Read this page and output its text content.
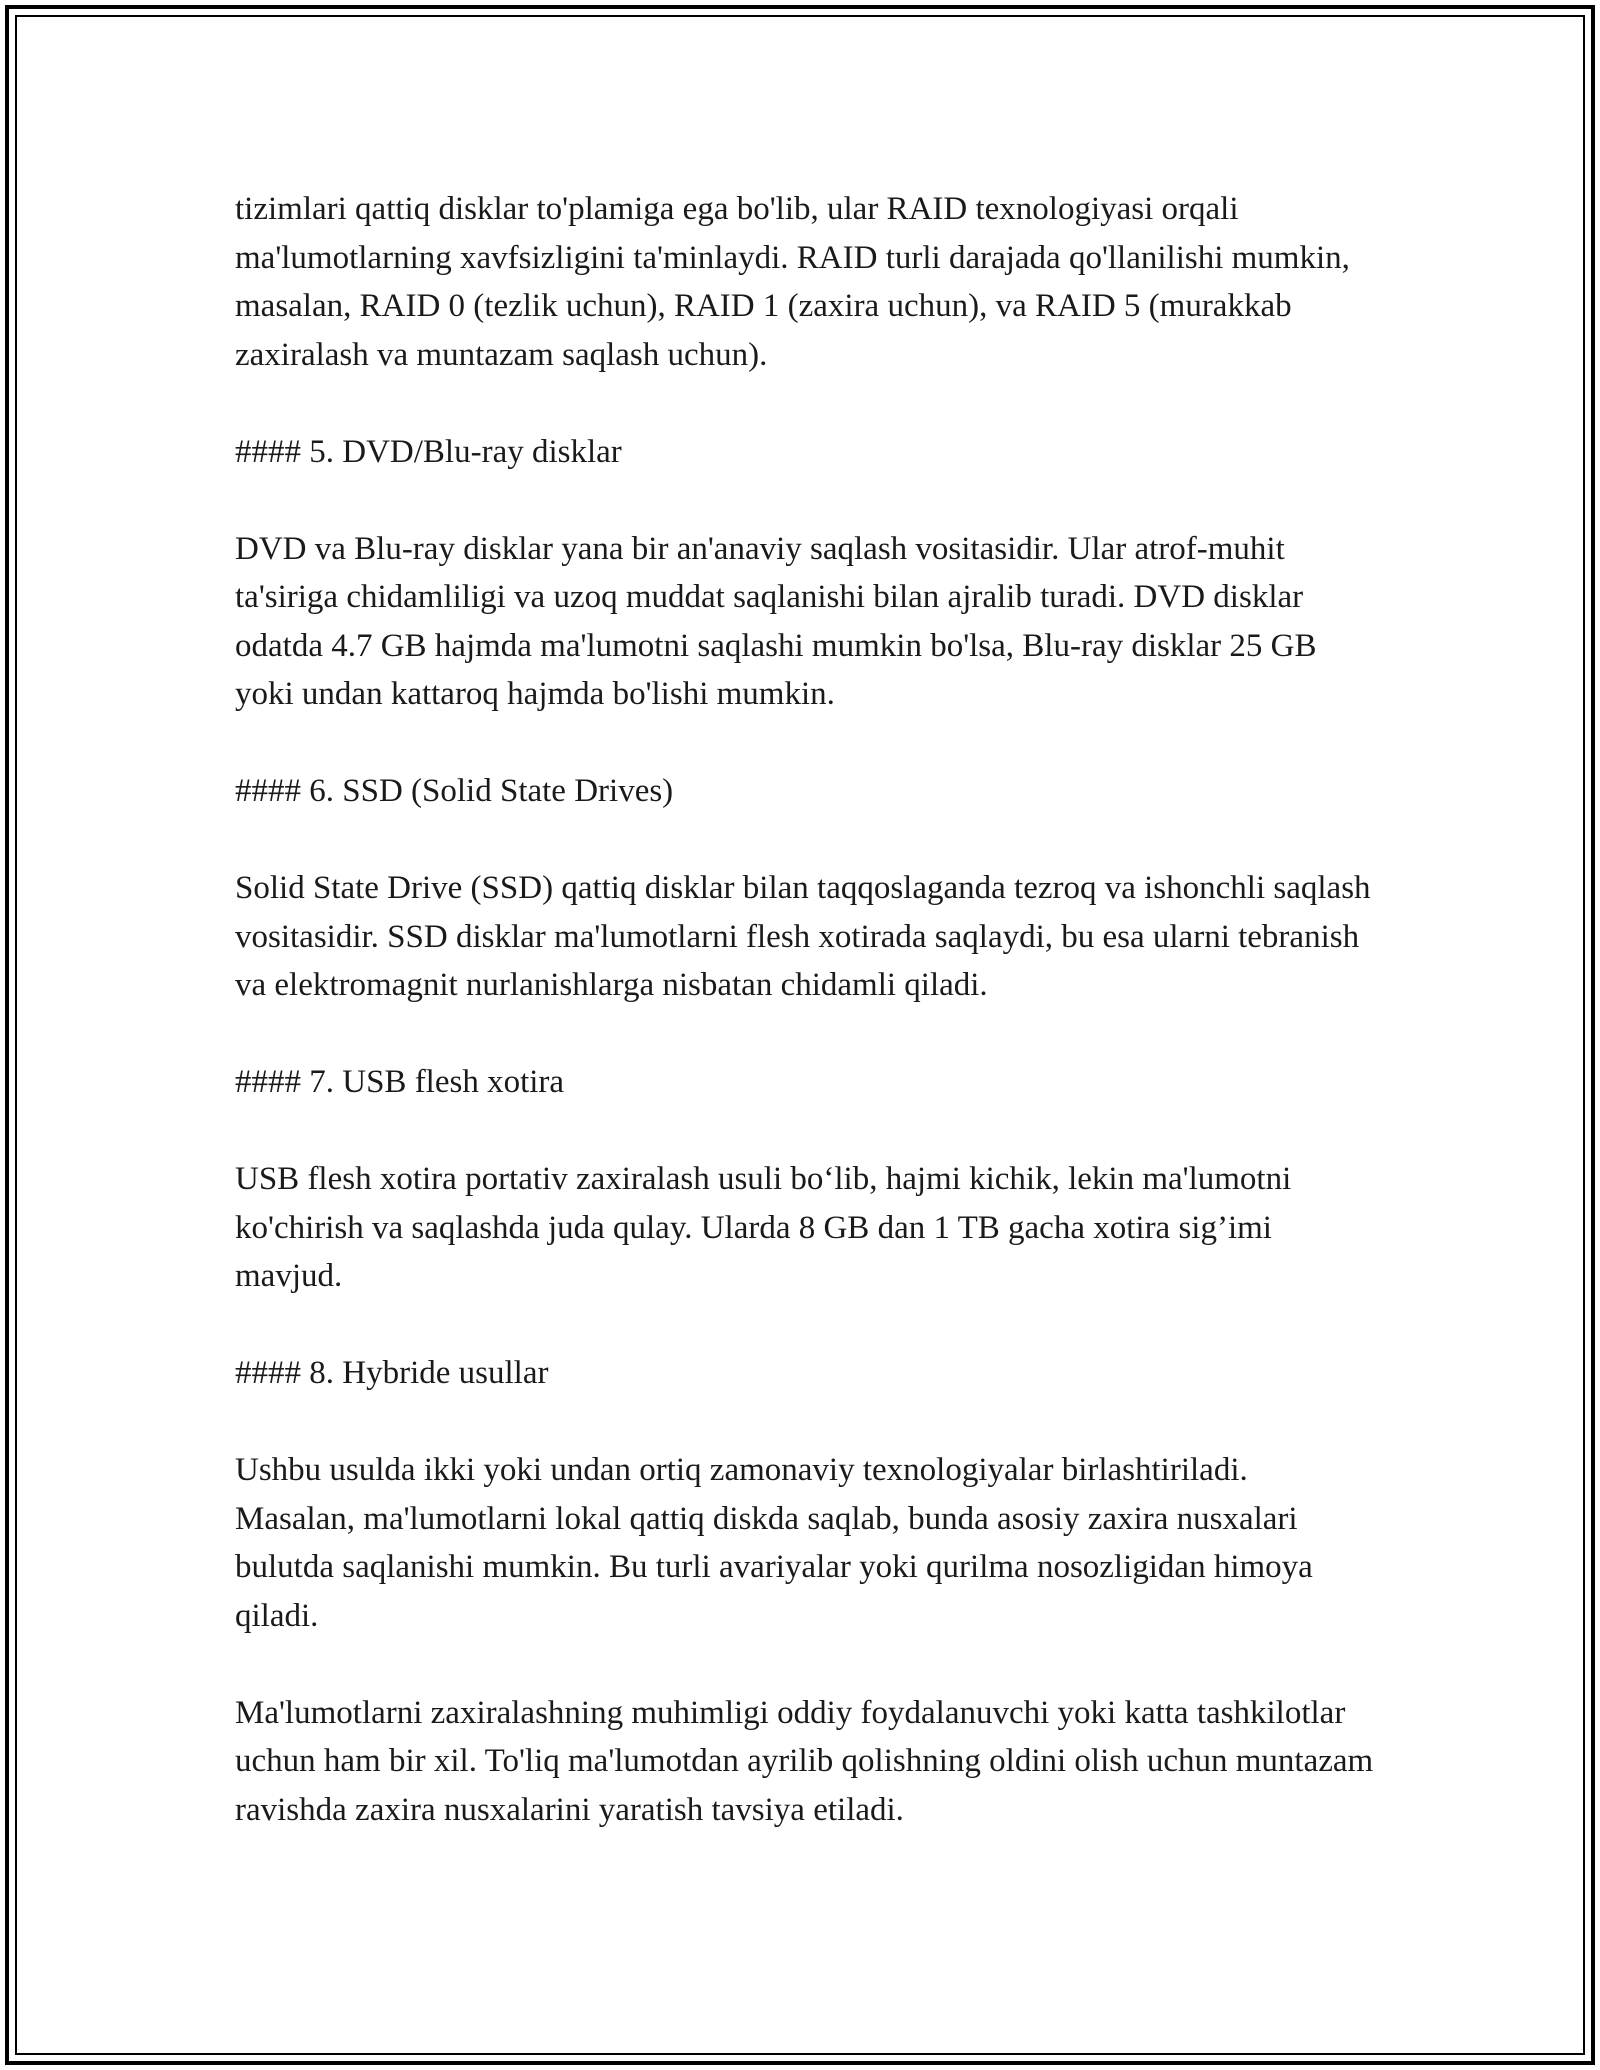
tizimlari qattiq disklar to'plamiga ega bo'lib, ular RAID texnologiyasi orqali ma'lumotlarning xavfsizligini ta'minlaydi. RAID turli darajada qo'llanilishi mumkin, masalan, RAID 0 (tezlik uchun), RAID 1 (zaxira uchun), va RAID 5 (murakkab zaxiralash va muntazam saqlash uchun).

#### 5. DVD/Blu-ray disklar

DVD va Blu-ray disklar yana bir an'anaviy saqlash vositasidir. Ular atrof-muhit ta'siriga chidamliligi va uzoq muddat saqlanishi bilan ajralib turadi. DVD disklar odatda 4.7 GB hajmda ma'lumotni saqlashi mumkin bo'lsa, Blu-ray disklar 25 GB yoki undan kattaroq hajmda bo'lishi mumkin.

#### 6. SSD (Solid State Drives)

Solid State Drive (SSD) qattiq disklar bilan taqqoslaganda tezroq va ishonchli saqlash vositasidir. SSD disklar ma'lumotlarni flesh xotirada saqlaydi, bu esa ularni tebranish va elektromagnit nurlanishlarga nisbatan chidamli qiladi.

#### 7. USB flesh xotira

USB flesh xotira portativ zaxiralash usuli bo‘lib, hajmi kichik, lekin ma'lumotni ko'chirish va saqlashda juda qulay. Ularda 8 GB dan 1 TB gacha xotira sig’imi mavjud.

#### 8. Hybride usullar

Ushbu usulda ikki yoki undan ortiq zamonaviy texnologiyalar birlashtiriladi. Masalan, ma'lumotlarni lokal qattiq diskda saqlab, bunda asosiy zaxira nusxalari bulutda saqlanishi mumkin. Bu turli avariyalar yoki qurilma nosozligidan himoya qiladi.

Ma'lumotlarni zaxiralashning muhimligi oddiy foydalanuvchi yoki katta tashkilotlar uchun ham bir xil. To'liq ma'lumotdan ayrilib qolishning oldini olish uchun muntazam ravishda zaxira nusxalarini yaratish tavsiya etiladi.
